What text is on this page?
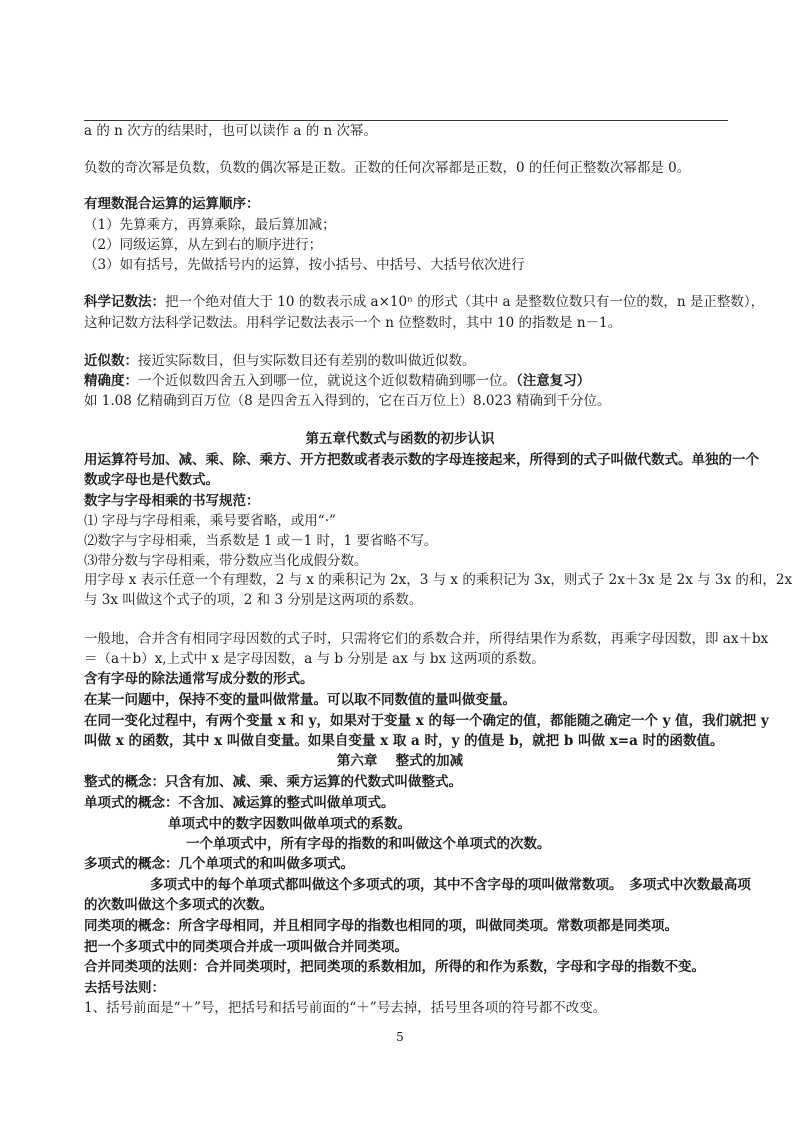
a 的 n 次方的结果时，也可以读作 a 的 n 次幂。
负数的奇次幂是负数，负数的偶次幂是正数。正数的任何次幂都是正数，0 的任何正整数次幂都是 0。
有理数混合运算的运算顺序：
（1）先算乘方，再算乘除，最后算加减；
（2）同级运算，从左到右的顺序进行；
（3）如有括号，先做括号内的运算，按小括号、中括号、大括号依次进行
科学记数法：把一个绝对值大于 10 的数表示成 a×10ⁿ 的形式（其中 a 是整数位数只有一位的数，n 是正整数），
这种记数方法科学记数法。用科学记数法表示一个 n 位整数时，其中 10 的指数是 n－1。
近似数：接近实际数目，但与实际数目还有差别的数叫做近似数。
精确度：一个近似数四舍五入到哪一位，就说这个近似数精确到哪一位。（注意复习）
如 1.08 亿精确到百万位（8 是四舍五入得到的，它在百万位上）8.023 精确到千分位。
第五章代数式与函数的初步认识
用运算符号加、减、乘、除、乘方、开方把数或者表示数的字母连接起来，所得到的式子叫做代数式。单独的一个
数或字母也是代数式。
数字与字母相乘的书写规范：
⑴ 字母与字母相乘，乘号要省略，或用“·”
⑵数字与字母相乘，当系数是 1 或－1 时，1 要省略不写。
⑶带分数与字母相乘，带分数应当化成假分数。
用字母 x 表示任意一个有理数，2 与 x 的乘积记为 2x，3 与 x 的乘积记为 3x，则式子 2x＋3x 是 2x 与 3x 的和，2x
与 3x 叫做这个式子的项，2 和 3 分别是这两项的系数。
一般地，合并含有相同字母因数的式子时，只需将它们的系数合并，所得结果作为系数，再乘字母因数，即 ax＋bx
＝（a＋b）x,上式中 x 是字母因数，a 与 b 分别是 ax 与 bx 这两项的系数。
含有字母的除法通常写成分数的形式。
在某一问题中，保持不变的量叫做常量。可以取不同数值的量叫做变量。
在同一变化过程中，有两个变量 x 和 y，如果对于变量 x 的每一个确定的值，都能随之确定一个 y 值，我们就把 y
叫做 x 的函数，其中 x 叫做自变量。如果自变量 x 取 a 时，y 的值是 b，就把 b 叫做 x=a 时的函数值。
第六章　 整式的加减
整式的概念：只含有加、减、乘、乘方运算的代数式叫做整式。
单项式的概念：不含加、减运算的整式叫做单项式。
单项式中的数字因数叫做单项式的系数。
一个单项式中，所有字母的指数的和叫做这个单项式的次数。
多项式的概念：几个单项式的和叫做多项式。
多项式中的每个单项式都叫做这个多项式的项，其中不含字母的项叫做常数项。　多项式中次数最高项
的次数叫做这个多项式的次数。
同类项的概念：所含字母相同，并且相同字母的指数也相同的项，叫做同类项。常数项都是同类项。
把一个多项式中的同类项合并成一项叫做合并同类项。
合并同类项的法则：合并同类项时，把同类项的系数相加，所得的和作为系数，字母和字母的指数不变。
去括号法则：
1、括号前面是“＋”号，把括号和括号前面的“＋”号去掉，括号里各项的符号都不改变。
5
